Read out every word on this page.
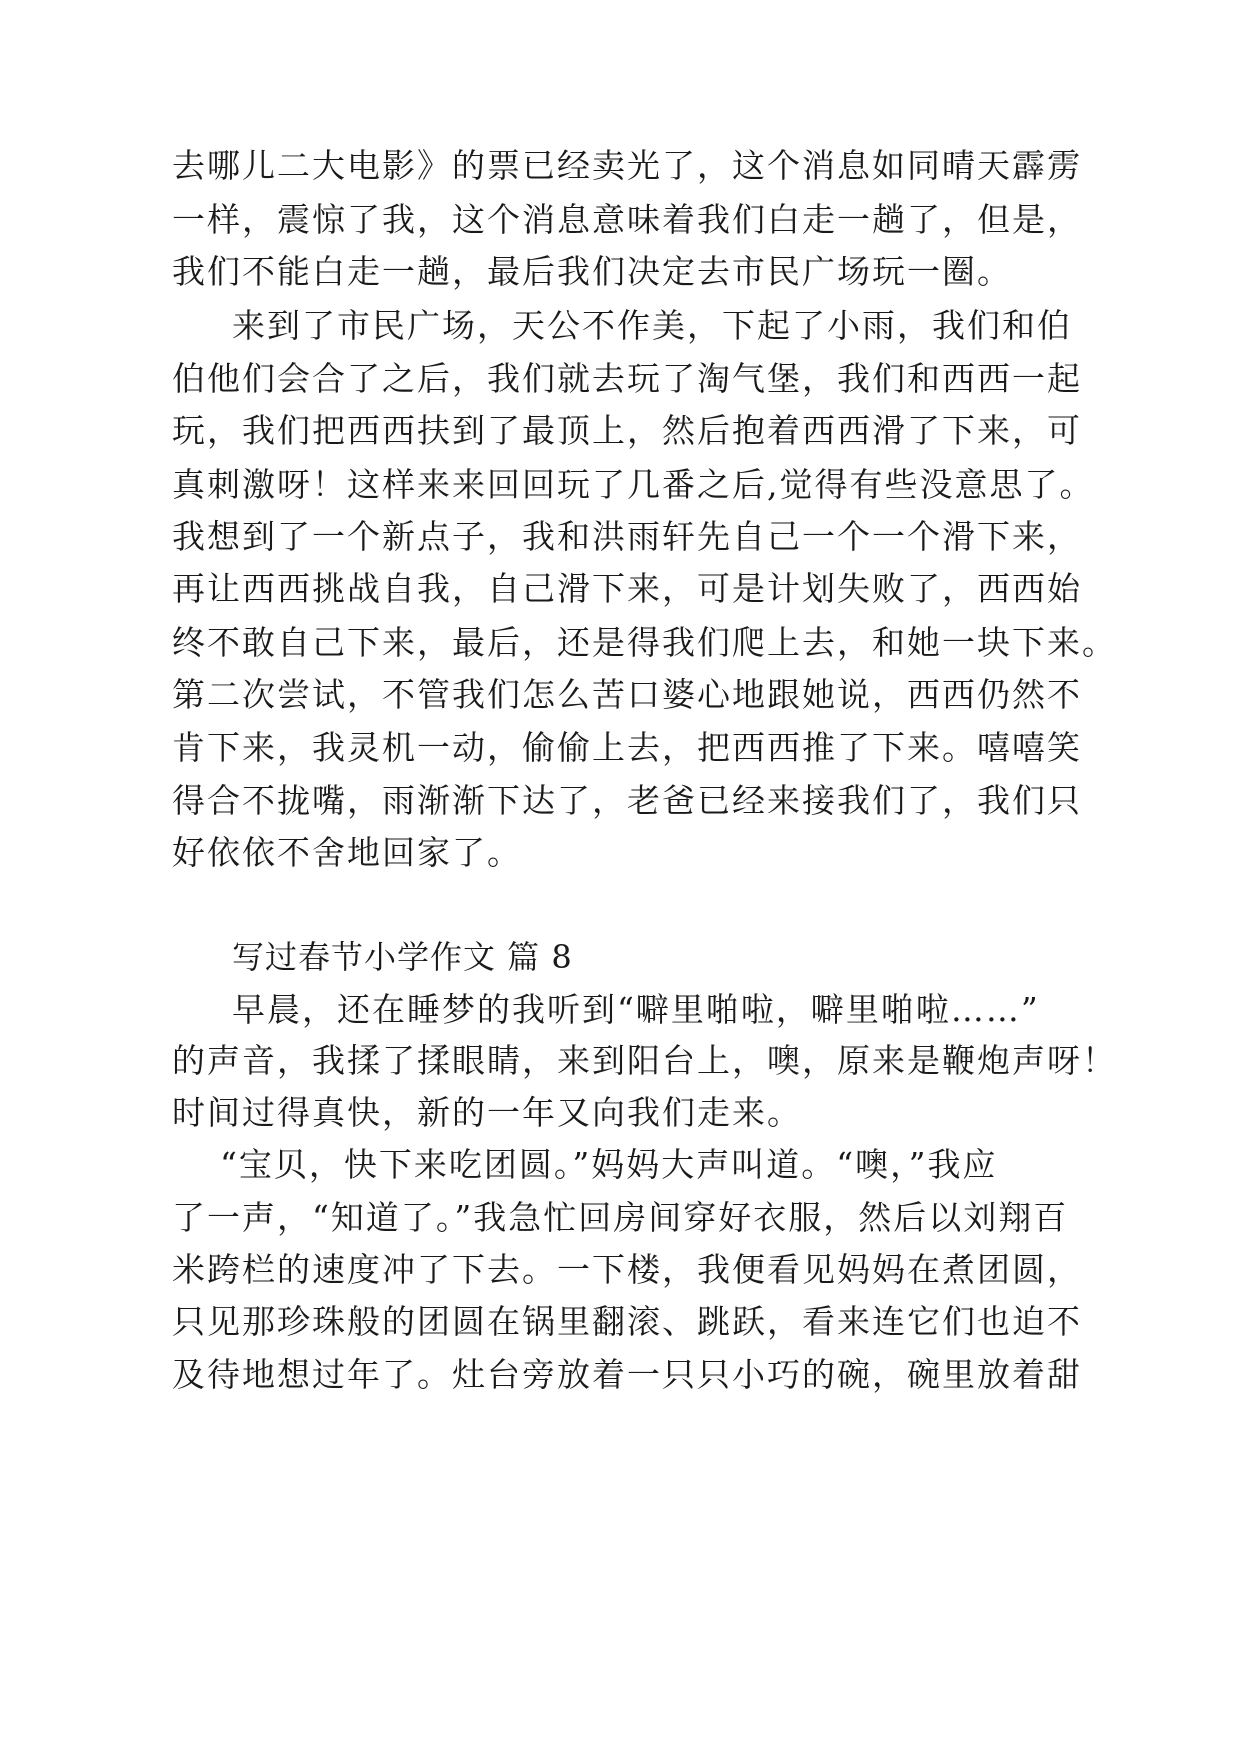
去哪儿二大电影》的票已经卖光了，这个消息如同晴天霹雳
一样，震惊了我，这个消息意味着我们白走一趟了，但是，
我们不能白走一趟，最后我们决定去市民广场玩一圈。
来到了市民广场，天公不作美，下起了小雨，我们和伯
伯他们会合了之后，我们就去玩了淘气堡，我们和西西一起
玩，我们把西西扶到了最顶上，然后抱着西西滑了下来，可
真刺激呀！这样来来回回玩了几番之后,觉得有些没意思了。
我想到了一个新点子，我和洪雨轩先自己一个一个滑下来，
再让西西挑战自我，自己滑下来，可是计划失败了，西西始
终不敢自己下来，最后，还是得我们爬上去，和她一块下来。
第二次尝试，不管我们怎么苦口婆心地跟她说，西西仍然不
肯下来，我灵机一动，偷偷上去，把西西推了下来。嘻嘻笑
得合不拢嘴，雨渐渐下达了，老爸已经来接我们了，我们只
好依依不舍地回家了。
写过春节小学作文 篇 8
早晨，还在睡梦的我听到“噼里啪啦，噼里啪啦……”
的声音，我揉了揉眼睛，来到阳台上，噢，原来是鞭炮声呀！
时间过得真快，新的一年又向我们走来。
“宝贝，快下来吃团圆。”妈妈大声叫道。“噢，”我应
了一声，“知道了。”我急忙回房间穿好衣服，然后以刘翔百
米跨栏的速度冲了下去。一下楼，我便看见妈妈在煮团圆，
只见那珍珠般的团圆在锅里翻滚、跳跃，看来连它们也迫不
及待地想过年了。灶台旁放着一只只小巧的碗，碗里放着甜
